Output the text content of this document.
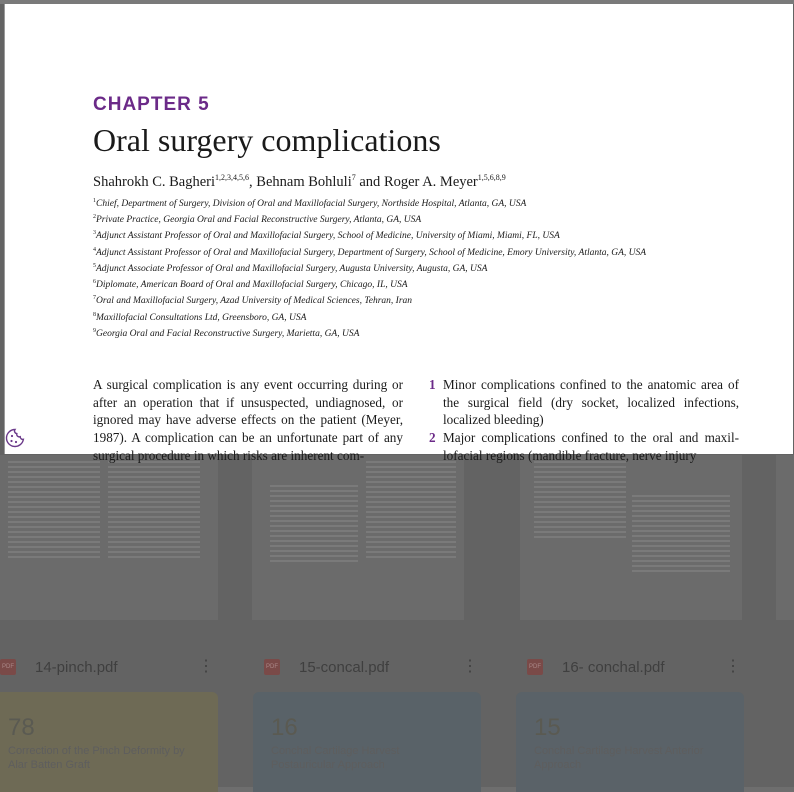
PDF 14-pinch.pdf	⋮	PDF 15-concal.pdf	⋮	PDF 16- conchal.pdf	⋮
78
Correction of the Pinch Deformity by Alar Batten Graft
16
Conchal Cartilage Harvest Postauricular Approach
15
Conchal Cartilage Harvest Anterior Approach
CHAPTER 5
Oral surgery complications

Shahrokh C. Bagheri$^{1,2,3,4,5,6}$, Behnam Bohluli$^7$ and Roger A. Meyer$^{1,5,6,8,9}$

$^1$Chief, Department of Surgery, Division of Oral and Maxillofacial Surgery, Northside Hospital, Atlanta, GA, USA
$^2$Private Practice, Georgia Oral and Facial Reconstructive Surgery, Atlanta, GA, USA
$^3$Adjunct Assistant Professor of Oral and Maxillofacial Surgery, School of Medicine, University of Miami, Miami, FL, USA
$^4$Adjunct Assistant Professor of Oral and Maxillofacial Surgery, Department of Surgery, School of Medicine, Emory University, Atlanta, GA, USA
$^5$Adjunct Associate Professor of Oral and Maxillofacial Surgery, Augusta University, Augusta, GA, USA
$^6$Diplomate, American Board of Oral and Maxillofacial Surgery, Chicago, IL, USA
$^7$Oral and Maxillofacial Surgery, Azad University of Medical Sciences, Tehran, Iran
$^8$Maxillofacial Consultations Ltd, Greensboro, GA, USA
$^9$Georgia Oral and Facial Reconstructive Surgery, Marietta, GA, USA
A surgical complication is any event occurring during or after an operation that if unsuspected, undiagnosed, or ignored may have adverse effects on the patient (Meyer, 1987). A complication can be an unfortunate part of any surgical procedure in which risks are inherent com-
1 Minor complications confined to the anatomic area of the surgical field (dry socket, localized infections, localized bleeding)
2 Major complications confined to the oral and maxil-lofacial regions (mandible fracture, nerve injury
